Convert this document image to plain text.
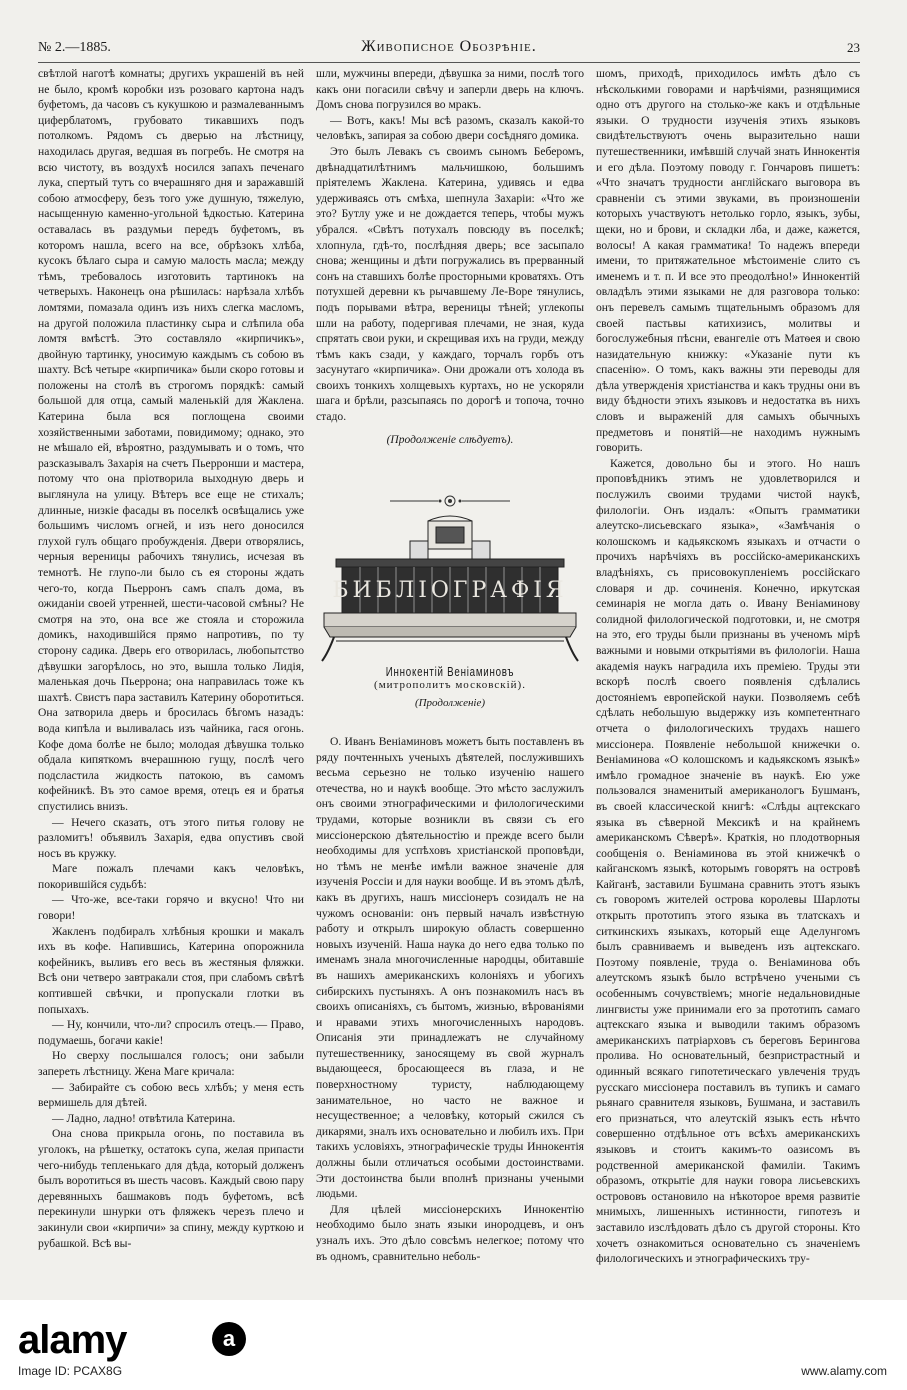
№ 2.—1885.	Живописное Обозрѣніе.	23

свѣтлой наготѣ комнаты; другихъ украшеній въ ней не было, кромѣ коробки изъ розоваго картона надъ буфетомъ, да часовъ съ кукушкою и размалеваннымъ циферблатомъ, грубовато тикавшихъ подъ потолкомъ. Рядомъ съ дверью на лѣстницу, находилась другая, ведшая въ погребъ. Не смотря на всю чистоту, въ воздухѣ носился запахъ печенаго лука, спертый тутъ со вчерашняго дня и заражавшій собою атмосферу, безъ того уже душную, тяжелую, насыщенную каменно-угольной ѣдкостью. Катерина оставалась въ раздумьи передъ буфетомъ, въ которомъ нашла, всего на все, обрѣзокъ хлѣба, кусокъ бѣлаго сыра и самую малость масла; между тѣмъ, требовалось изготовить тартинокъ на четверыхъ. Наконецъ она рѣшилась: нарѣзала хлѣбъ ломтями, помазала одинъ изъ нихъ слегка масломъ, на другой положила пластинку сыра и слѣпила оба ломтя вмѣстѣ. Это составляло «кирпичикъ», двойную тартинку, уносимую каждымъ съ собою въ шахту. Всѣ четыре «кирпичика» были скоро готовы и положены на столѣ въ строгомъ порядкѣ: самый большой для отца, самый маленькій для Жаклена. Катерина была вся поглощена своими хозяйственными заботами, повидимому; однако, это не мѣшало ей, вѣроятно, раздумывать и о томъ, что разсказывалъ Захарія на счетъ Пьерронши и мастера, потому что она пріотворила выходную дверь и выглянула на улицу. Вѣтеръ все еще не стихалъ; длинные, низкіе фасады въ поселкѣ освѣщались уже большимъ числомъ огней, и изъ него доносился глухой гулъ общаго пробужденія. Двери отворялись, черныя вереницы рабочихъ тянулись, исчезая въ темнотѣ. Не глупо-ли было съ ея стороны ждать чего-то, когда Пьерронъ самъ спалъ дома, въ ожиданіи своей утренней, шести-часовой смѣны? Не смотря на это, она все же стояла и сторожила домикъ, находившійся прямо напротивъ, по ту сторону садика. Дверь его отворилась, любопытство дѣвушки загорѣлось, но это, вышла только Лидія, маленькая дочь Пьеррона; она направилась тоже къ шахтѣ. Свистъ пара заставилъ Катерину оборотиться. Она затворила дверь и бросилась бѣгомъ назадъ: вода кипѣла и выливалась изъ чайника, гася огонь. Кофе дома болѣе не было; молодая дѣвушка только обдала кипяткомъ вчерашнюю гущу, послѣ чего подсластила жидкость патокою, въ самомъ кофейникѣ. Въ это самое время, отецъ ея и братья спустились внизъ.

— Нечего сказать, отъ этого питья голову не разломитъ! объявилъ Захарія, едва опустивъ свой носъ въ кружку.

Маге пожалъ плечами какъ человѣкъ, покорившійся судьбѣ:

— Что-же, все-таки горячо и вкусно! Что ни говори!

Жакленъ подбиралъ хлѣбныя крошки и макалъ ихъ въ кофе. Напившись, Катерина опорожнила кофейникъ, выливъ его весь въ жестяныя фляжки. Всѣ они четверо завтракали стоя, при слабомъ свѣтѣ коптившей свѣчки, и пропускали глотки въ попыхахъ.

— Ну, кончили, что-ли? спросилъ отецъ.— Право, подумаешь, богачи какіе!

Но сверху послышался голосъ; они забыли запереть лѣстницу. Жена Маге кричала:

— Забирайте съ собою весь хлѣбъ; у меня есть вермишель для дѣтей.

— Ладно, ладно! отвѣтила Катерина.

Она снова прикрыла огонь, по поставила въ уголокъ, на рѣшетку, остатокъ супа, желая припасти чего-нибудь тепленькаго для дѣда, который долженъ былъ воротиться въ шесть часовъ. Каждый свою пару деревянныхъ башмаковъ подъ буфетомъ, всѣ перекинули шнурки отъ фляжекъ черезъ плечо и закинули свои «кирпичи» за спину, между курткою и рубашкой. Всѣ вы-

шли, мужчины впереди, дѣвушка за ними, послѣ того какъ они погасили свѣчу и заперли дверь на ключъ. Домъ снова погрузился во мракъ.

— Вотъ, какъ! Мы всѣ разомъ, сказалъ какой-то человѣкъ, запирая за собою двери сосѣдняго домика.

Это былъ Левакъ съ своимъ сыномъ Беберомъ, двѣнадцатилѣтнимъ мальчишкою, большимъ пріятелемъ Жаклена. Катерина, удивясь и едва удерживаясь отъ смѣха, шепнула Захаріи: «Что же это? Бутлу уже и не дождается теперь, чтобы мужъ убрался. «Свѣтъ потухалъ повсюду въ поселкѣ; хлопнула, гдѣ-то, послѣдняя дверь; все засыпало снова; женщины и дѣти погружались въ прерванный сонъ на ставшихъ болѣе просторными кроватяхъ. Отъ потухшей деревни къ рычавшему Ле-Воре тянулись, подъ порывами вѣтра, вереницы тѣней; углекопы шли на работу, подергивая плечами, не зная, куда спрятать свои руки, и скрещивая ихъ на груди, между тѣмъ какъ сзади, у каждаго, торчалъ горбъ отъ засунутаго «кирпичика». Они дрожали отъ холода въ своихъ тонкихъ холщевыхъ куртахъ, но не ускоряли шага и брѣли, разсыпаясь по дорогѣ и топоча, точно стадо.

(Продолженіе слѣдуетъ).
БИБЛІОГРАФІЯ
Иннокентій Веніаминовъ
(митрополитъ московскій).
(Продолженіе)

О. Иванъ Веніаминовъ можетъ быть поставленъ въ ряду почтенныхъ ученыхъ дѣятелей, послужившихъ весьма серьезно не только изученію нашего отечества, но и наукѣ вообще. Это мѣсто заслужилъ онъ своими этнографическими и филологическими трудами, которые возникли въ связи съ его миссіонерскою дѣятельностію и прежде всего были необходимы для успѣховъ христіанской проповѣди, но тѣмъ не менѣе имѣли важное значеніе для изученія Россіи и для науки вообще. И въ этомъ дѣлѣ, какъ въ другихъ, нашъ миссіонеръ созидалъ не на чужомъ основаніи: онъ первый началъ извѣстную работу и открылъ широкую область совершенно новыхъ изученій. Наша наука до него едва только по именамъ знала многочисленные народцы, обитавшіе въ нашихъ американскихъ колоніяхъ и убогихъ сибирскихъ пустыняхъ. А онъ познакомилъ насъ въ своихъ описаніяхъ, съ бытомъ, жизнью, вѣрованіями и нравами этихъ многочисленныхъ народовъ. Описанія эти принадлежатъ не случайному путешественнику, заносящему въ свой журналъ выдающееся, бросающееся въ глаза, и не поверхностному туристу, наблюдающему занимательное, но часто не важное и несущественное; а человѣку, который сжился съ дикарями, зналъ ихъ основательно и любилъ ихъ. При такихъ условіяхъ, этнографическіе труды Иннокентія должны были отличаться особыми достоинствами. Эти достоинства были вполнѣ признаны учеными людьми.

Для цѣлей миссіонерскихъ Иннокентію необходимо было знать языки инородцевъ, и онъ узналъ ихъ. Это дѣло совсѣмъ нелегкое; потому что въ одномъ, сравнительно неболь-

шомъ, приходѣ, приходилось имѣть дѣло съ нѣсколькими говорами и нарѣчіями, разнящимися одно отъ другого на столько-же какъ и отдѣльные языки. О трудности изученія этихъ языковъ свидѣтельствуютъ очень выразительно наши путешественники, имѣвшій случай знать Иннокентія и его дѣла. Поэтому поводу г. Гончаровъ пишетъ: «Что значатъ трудности англійскаго выговора въ сравненіи съ этими звуками, въ произношеніи которыхъ участвуютъ нетолько горло, языкъ, зубы, щеки, но и брови, и складки лба, и даже, кажется, волосы! А какая грамматика! То надежъ впереди имени, то притяжательное мѣстоименіе слито съ именемъ и т. п. И все это преодолѣно!» Иннокентій овладѣлъ этими языками не для разговора только: онъ перевелъ самымъ тщательнымъ образомъ для своей пастьвы катихизисъ, молитвы и богослужебныя пѣсни, евангеліе отъ Матѳея и свою назидательную книжку: «Указаніе пути къ спасенію». О томъ, какъ важны эти переводы для дѣла утвержденія христіанства и какъ трудны они въ виду бѣдности этихъ языковъ и недостатка въ нихъ словъ и выраженій для самыхъ обычныхъ предметовъ и понятій—не находимъ нужнымъ говорить.

Кажется, довольно бы и этого. Но нашъ проповѣдникъ этимъ не удовлетворился и послужилъ своими трудами чистой наукѣ, филологіи. Онъ издалъ: «Опытъ грамматики алеутско-лисьевскаго языка», «Замѣчанія о колошскомъ и кадьякскомъ языкахъ и отчасти о прочихъ нарѣчіяхъ въ россійско-американскихъ владѣніяхъ, съ присовокупленіемъ россійскаго словаря и др. сочиненія. Конечно, иркутская семинарія не могла дать о. Ивану Веніаминову солидной филологической подготовки, и, не смотря на это, его труды были признаны въ ученомъ мірѣ важными и новыми открытіями въ филологіи. Наша академія наукъ наградила ихъ преміею. Труды эти вскорѣ послѣ своего появленія сдѣлались достояніемъ европейской науки. Позволяемъ себѣ сдѣлать небольшую выдержку изъ компетентнаго отчета о филологическихъ трудахъ нашего миссіонера. Появленіе небольшой книжечки о. Веніаминова «О колошскомъ и кадьякскомъ языкѣ» имѣло громадное значеніе въ наукѣ. Ею уже пользовался знаменитый американологъ Бушманъ, въ своей классической книгѣ: «Слѣды ацтекскаго языка въ сѣверной Мексикѣ и на крайнемъ американскомъ Сѣверѣ». Краткія, но плодотворныя сообщенія о. Веніаминова въ этой книжечкѣ о кайганскомъ языкѣ, которымъ говорятъ на островѣ Кайганѣ, заставили Бушмана сравнить этотъ языкъ съ говоромъ жителей острова королевы Шарлоты открыть прототипъ этого языка въ тлатскахъ и ситкинскихъ языкахъ, который еще Аделунгомъ былъ сравниваемъ и выведенъ изъ ацтекскаго. Поэтому появленіе, труда о. Веніаминова объ алеутскомъ языкѣ было встрѣчено учеными съ особеннымъ сочувствіемъ; многіе недальновидные лингвисты уже принимали его за прототипъ самаго ацтекскаго языка и выводили такимъ образомъ американскихъ патріарховъ съ береговъ Берингова пролива. Но основательный, безпристрастный и одинный всякаго гипотетическаго увлеченія трудъ русскаго миссіонера поставилъ въ тупикъ и самаго рьянаго сравнителя языковъ, Бушмана, и заставилъ его признаться, что алеутскій языкъ есть нѣчто совершенно отдѣльное отъ всѣхъ американскихъ языковъ и стоитъ какимъ-то оазисомъ въ родственной американской фамиліи. Такимъ образомъ, открытіе для науки говора лисьевскихъ острововъ остановило на нѣкоторое время развитіе мнимыхъ, лишенныхъ истинности, гипотезъ и заставило изслѣдовать дѣло съ другой стороны. Кто хочетъ ознакомиться основательно съ значеніемъ филологическихъ и этнографическихъ тру-

alamy	a
Image ID: PCAX8G	www.alamy.com
